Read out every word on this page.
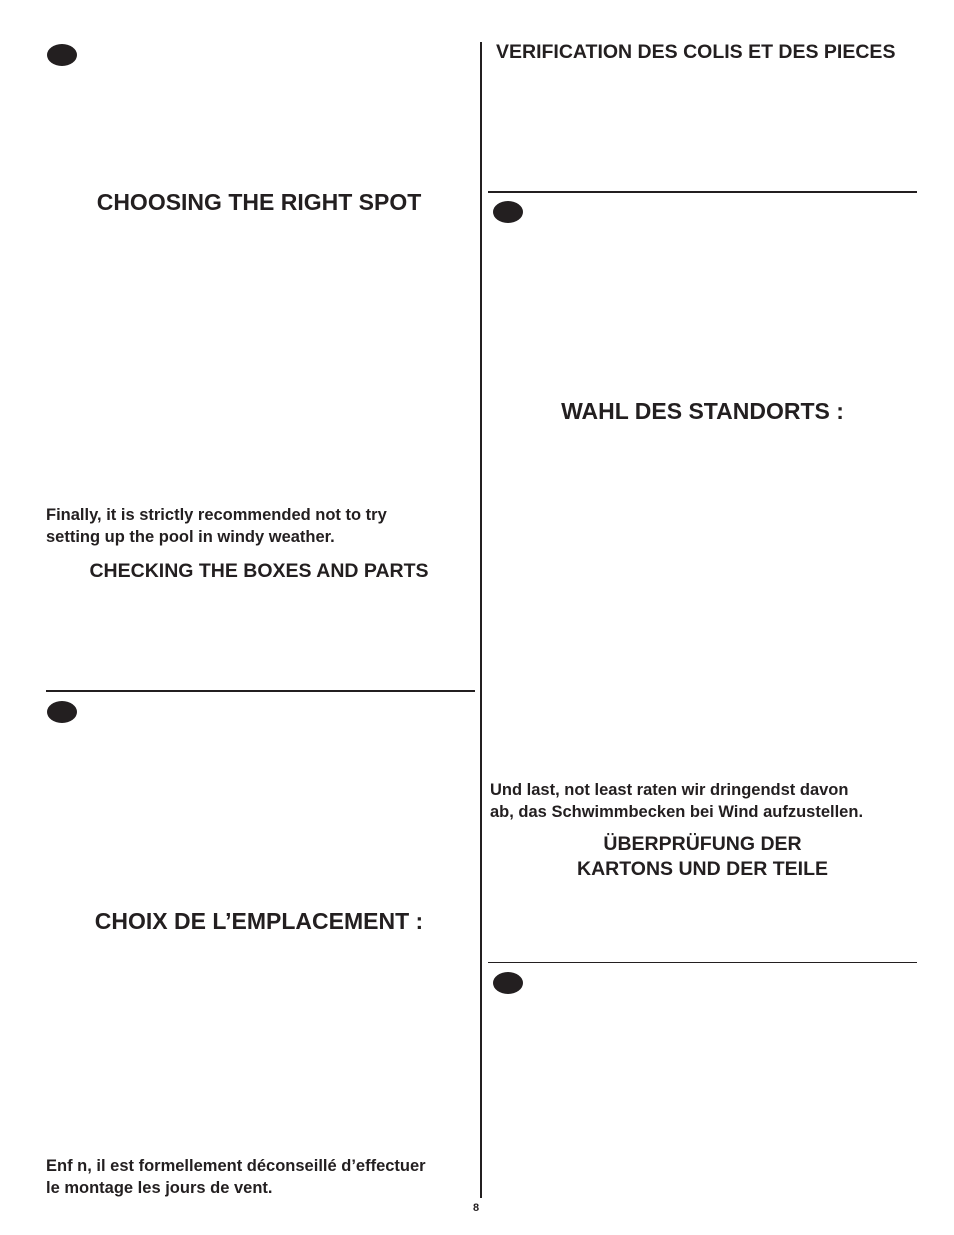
CHOOSING THE RIGHT SPOT
Finally, it is strictly recommended not to try
setting up the pool in windy weather.
CHECKING THE BOXES AND PARTS
CHOIX DE L’EMPLACEMENT :
Enf n, il est formellement déconseillé d’effectuer
le montage les jours de vent.
VERIFICATION DES COLIS ET DES PIECES
WAHL DES STANDORTS :
Und last, not least raten wir dringendst davon
ab, das Schwimmbecken bei Wind aufzustellen.
ÜBERPRÜFUNG DER
KARTONS UND DER TEILE
8
